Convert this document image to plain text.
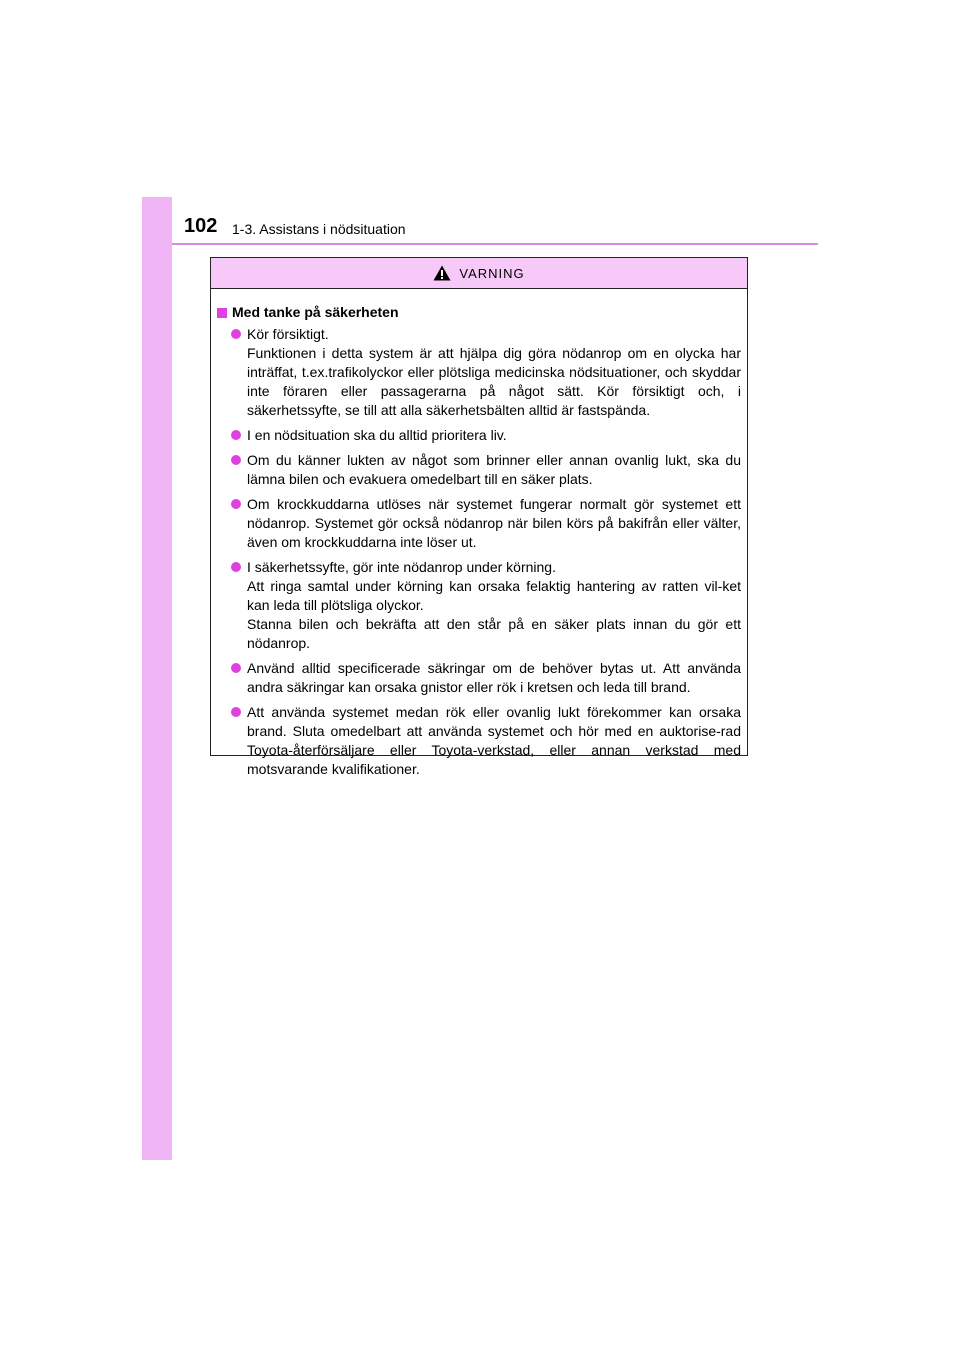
102 1-3. Assistans i nödsituation
VARNING
Med tanke på säkerheten

Kör försiktigt.

Funktionen i detta system är att hjälpa dig göra nödanrop om en olycka har inträffat, t.ex.trafikolyckor eller plötsliga medicinska nödsituationer, och skyddar inte föraren eller passagerarna på något sätt. Kör försiktigt och, i säkerhetssyfte, se till att alla säkerhetsbälten alltid är fastspända.

I en nödsituation ska du alltid prioritera liv.

Om du känner lukten av något som brinner eller annan ovanlig lukt, ska du lämna bilen och evakuera omedelbart till en säker plats.

Om krockkuddarna utlöses när systemet fungerar normalt gör systemet ett nödanrop. Systemet gör också nödanrop när bilen körs på bakifrån eller välter, även om krockkuddarna inte löser ut.

I säkerhetssyfte, gör inte nödanrop under körning.

Att ringa samtal under körning kan orsaka felaktig hantering av ratten vil-ket kan leda till plötsliga olyckor.

Stanna bilen och bekräfta att den står på en säker plats innan du gör ett nödanrop.

Använd alltid specificerade säkringar om de behöver bytas ut. Att använda andra säkringar kan orsaka gnistor eller rök i kretsen och leda till brand.

Att använda systemet medan rök eller ovanlig lukt förekommer kan orsaka brand. Sluta omedelbart att använda systemet och hör med en auktorise-rad Toyota-återförsäljare eller Toyota-verkstad, eller annan verkstad med motsvarande kvalifikationer.
